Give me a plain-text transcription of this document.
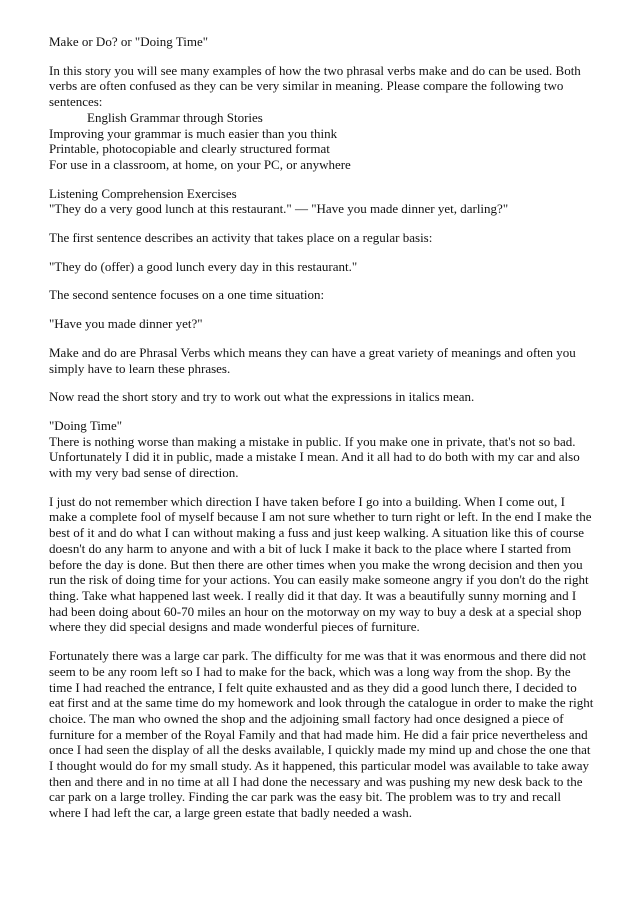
Make or Do? or "Doing Time"

In this story you will see many examples of how the two phrasal verbs make and do can be used. Both verbs are often confused as they can be very similar in meaning. Please compare the following two sentences:

English Grammar through Stories
Improving your grammar is much easier than you think
Printable, photocopiable and clearly structured format
For use in a classroom, at home, on your PC, or anywhere

Listening Comprehension Exercises
"They do a very good lunch at this restaurant." — "Have you made dinner yet, darling?"

The first sentence describes an activity that takes place on a regular basis:

"They do (offer) a good lunch every day in this restaurant."

The second sentence focuses on a one time situation:

"Have you made dinner yet?"

Make and do are Phrasal Verbs which means they can have a great variety of meanings and often you simply have to learn these phrases.

Now read the short story and try to work out what the expressions in italics mean.

"Doing Time"
There is nothing worse than making a mistake in public. If you make one in private, that's not so bad. Unfortunately I did it in public, made a mistake I mean. And it all had to do both with my car and also with my very bad sense of direction.

I just do not remember which direction I have taken before I go into a building. When I come out, I make a complete fool of myself because I am not sure whether to turn right or left. In the end I make the best of it and do what I can without making a fuss and just keep walking. A situation like this of course doesn't do any harm to anyone and with a bit of luck I make it back to the place where I started from before the day is done. But then there are other times when you make the wrong decision and then you run the risk of doing time for your actions. You can easily make someone angry if you don't do the right thing. Take what happened last week. I really did it that day. It was a beautifully sunny morning and I had been doing about 60-70 miles an hour on the motorway on my way to buy a desk at a special shop where they did special designs and made wonderful pieces of furniture.

Fortunately there was a large car park. The difficulty for me was that it was enormous and there did not seem to be any room left so I had to make for the back, which was a long way from the shop. By the time I had reached the entrance, I felt quite exhausted and as they did a good lunch there, I decided to eat first and at the same time do my homework and look through the catalogue in order to make the right choice. The man who owned the shop and the adjoining small factory had once designed a piece of furniture for a member of the Royal Family and that had made him. He did a fair price nevertheless and once I had seen the display of all the desks available, I quickly made my mind up and chose the one that I thought would do for my small study. As it happened, this particular model was available to take away then and there and in no time at all I had done the necessary and was pushing my new desk back to the car park on a large trolley. Finding the car park was the easy bit. The problem was to try and recall where I had left the car, a large green estate that badly needed a wash.
